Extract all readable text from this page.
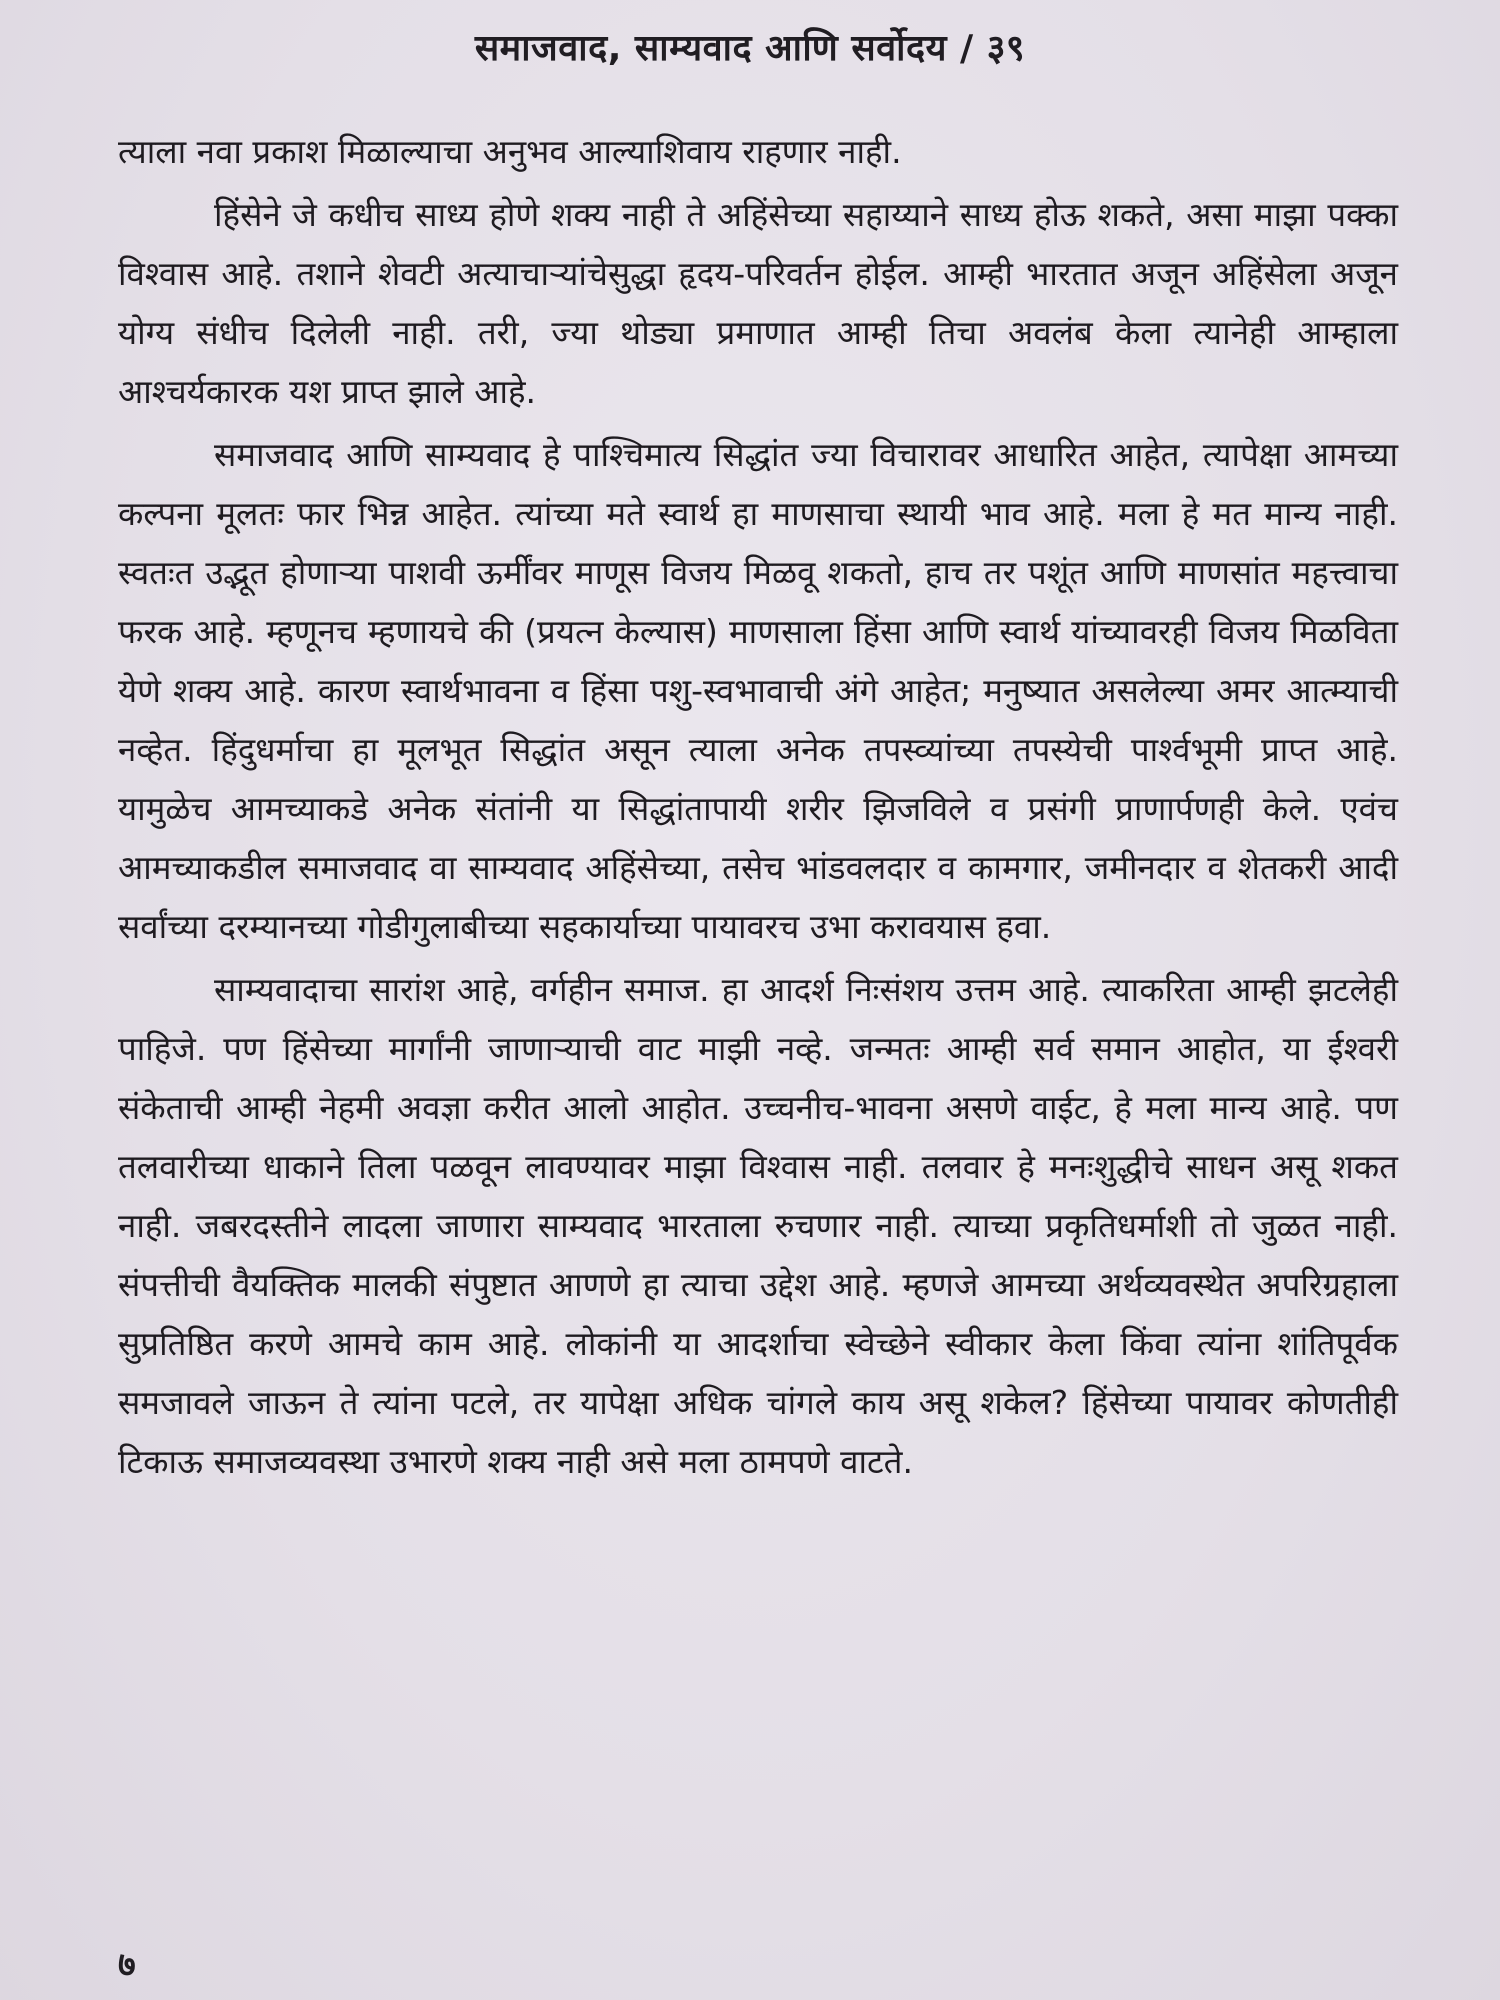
समाजवाद, साम्यवाद आणि सर्वोदय / ३९

त्याला नवा प्रकाश मिळाल्याचा अनुभव आल्याशिवाय राहणार नाही.

हिंसेने जे कधीच साध्य होणे शक्य नाही ते अहिंसेच्या सहाय्याने साध्य होऊ शकते, असा माझा पक्का विश्वास आहे. तशाने शेवटी अत्याचाऱ्यांचेसुद्धा हृदय-परिवर्तन होईल. आम्ही भारतात अजून अहिंसेला अजून योग्य संधीच दिलेली नाही. तरी, ज्या थोड्या प्रमाणात आम्ही तिचा अवलंब केला त्यानेही आम्हाला आश्चर्यकारक यश प्राप्त झाले आहे.

समाजवाद आणि साम्यवाद हे पाश्चिमात्य सिद्धांत ज्या विचारावर आधारित आहेत, त्यापेक्षा आमच्या कल्पना मूलतः फार भिन्न आहेत. त्यांच्या मते स्वार्थ हा माणसाचा स्थायी भाव आहे. मला हे मत मान्य नाही. स्वतःत उद्भूत होणाऱ्या पाशवी ऊर्मींवर माणूस विजय मिळवू शकतो, हाच तर पशूंत आणि माणसांत महत्त्वाचा फरक आहे. म्हणूनच म्हणायचे की (प्रयत्न केल्यास) माणसाला हिंसा आणि स्वार्थ यांच्यावरही विजय मिळविता येणे शक्य आहे. कारण स्वार्थभावना व हिंसा पशु-स्वभावाची अंगे आहेत; मनुष्यात असलेल्या अमर आत्म्याची नव्हेत. हिंदुधर्माचा हा मूलभूत सिद्धांत असून त्याला अनेक तपस्व्यांच्या तपस्येची पार्श्वभूमी प्राप्त आहे. यामुळेच आमच्याकडे अनेक संतांनी या सिद्धांतापायी शरीर झिजविले व प्रसंगी प्राणार्पणही केले. एवंच आमच्याकडील समाजवाद वा साम्यवाद अहिंसेच्या, तसेच भांडवलदार व कामगार, जमीनदार व शेतकरी आदी सर्वांच्या दरम्यानच्या गोडीगुलाबीच्या सहकार्याच्या पायावरच उभा करावयास हवा.

साम्यवादाचा सारांश आहे, वर्गहीन समाज. हा आदर्श निःसंशय उत्तम आहे. त्याकरिता आम्ही झटलेही पाहिजे. पण हिंसेच्या मार्गांनी जाणाऱ्याची वाट माझी नव्हे. जन्मतः आम्ही सर्व समान आहोत, या ईश्वरी संकेताची आम्ही नेहमी अवज्ञा करीत आलो आहोत. उच्चनीच-भावना असणे वाईट, हे मला मान्य आहे. पण तलवारीच्या धाकाने तिला पळवून लावण्यावर माझा विश्वास नाही. तलवार हे मनःशुद्धीचे साधन असू शकत नाही. जबरदस्तीने लादला जाणारा साम्यवाद भारताला रुचणार नाही. त्याच्या प्रकृतिधर्माशी तो जुळत नाही. संपत्तीची वैयक्तिक मालकी संपुष्टात आणणे हा त्याचा उद्देश आहे. म्हणजे आमच्या अर्थव्यवस्थेत अपरिग्रहाला सुप्रतिष्ठित करणे आमचे काम आहे. लोकांनी या आदर्शाचा स्वेच्छेने स्वीकार केला किंवा त्यांना शांतिपूर्वक समजावले जाऊन ते त्यांना पटले, तर यापेक्षा अधिक चांगले काय असू शकेल? हिंसेच्या पायावर कोणतीही टिकाऊ समाजव्यवस्था उभारणे शक्य नाही असे मला ठामपणे वाटते.

७
